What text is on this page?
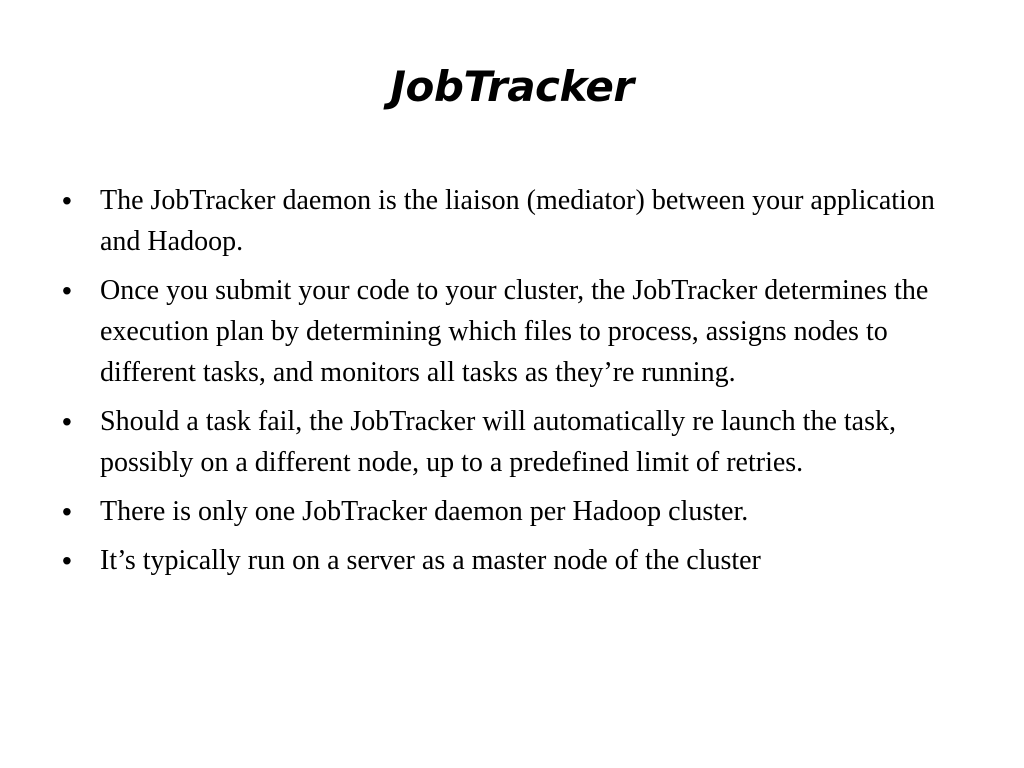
JobTracker
•	The JobTracker daemon is the liaison (mediator) between your application and Hadoop.
•	Once you submit your code to your cluster, the JobTracker determines the execution plan by determining which files to process, assigns nodes to different tasks, and monitors all tasks as they’re running.
•	Should a task fail, the JobTracker will automatically re launch the task, possibly on a different node, up to a predefined limit of retries.
•	There is only one JobTracker daemon per Hadoop cluster.
•	It’s typically run on a server as a master node of the cluster
